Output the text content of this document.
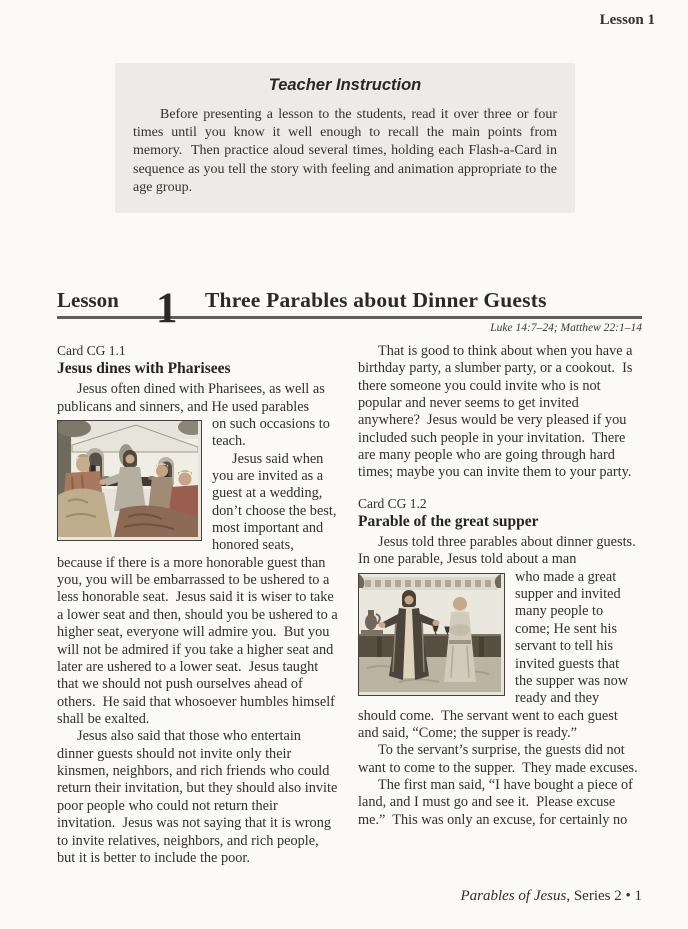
Lesson 1
Teacher Instruction

Before presenting a lesson to the students, read it over three or four times until you know it well enough to recall the main points from memory.  Then practice aloud several times, holding each Flash-a-Card in sequence as you tell the story with feeling and animation appropriate to the age group.

Lesson 1 Three Parables about Dinner Guests
Luke 14:7–24; Matthew 22:1–14
Card CG 1.1
Jesus dines with Pharisees

Jesus often dined with Pharisees, as well as publicans and sinners, and He used parables

on such occasions to teach.

Jesus said when you are invited as a guest at a wedding, don’t choose the best, most important and honored seats, because if there is a more honorable guest than you, you will be embarrassed to be ushered to a less honorable seat.  Jesus said it is wiser to take a lower seat and then, should you be ushered to a higher seat, everyone will admire you.  But you will not be admired if you take a higher seat and later are ushered to a lower seat.  Jesus taught that we should not push ourselves ahead of others.  He said that whosoever humbles himself shall be exalted.

Jesus also said that those who entertain dinner guests should not invite only their kinsmen, neighbors, and rich friends who could return their invitation, but they should also invite poor people who could not return their invitation.  Jesus was not saying that it is wrong to invite relatives, neighbors, and rich people, but it is better to include the poor.

That is good to think about when you have a birthday party, a slumber party, or a cookout.  Is there someone you could invite who is not popular and never seems to get invited anywhere?  Jesus would be very pleased if you included such people in your invitation.  There are many people who are going through hard times; maybe you can invite them to your party.

Card CG 1.2
Parable of the great supper

Jesus told three parables about dinner guests.  In one parable, Jesus told about a man

who made a great supper and invited many people to come; He sent his servant to tell his invited guests that the supper was now ready and they should come.  The servant went to each guest and said, “Come; the supper is ready.”

To the servant’s surprise, the guests did not want to come to the supper.  They made excuses.

The first man said, “I have bought a piece of land, and I must go and see it.  Please excuse me.”  This was only an excuse, for certainly no

Parables of Jesus, Series 2 • 1
